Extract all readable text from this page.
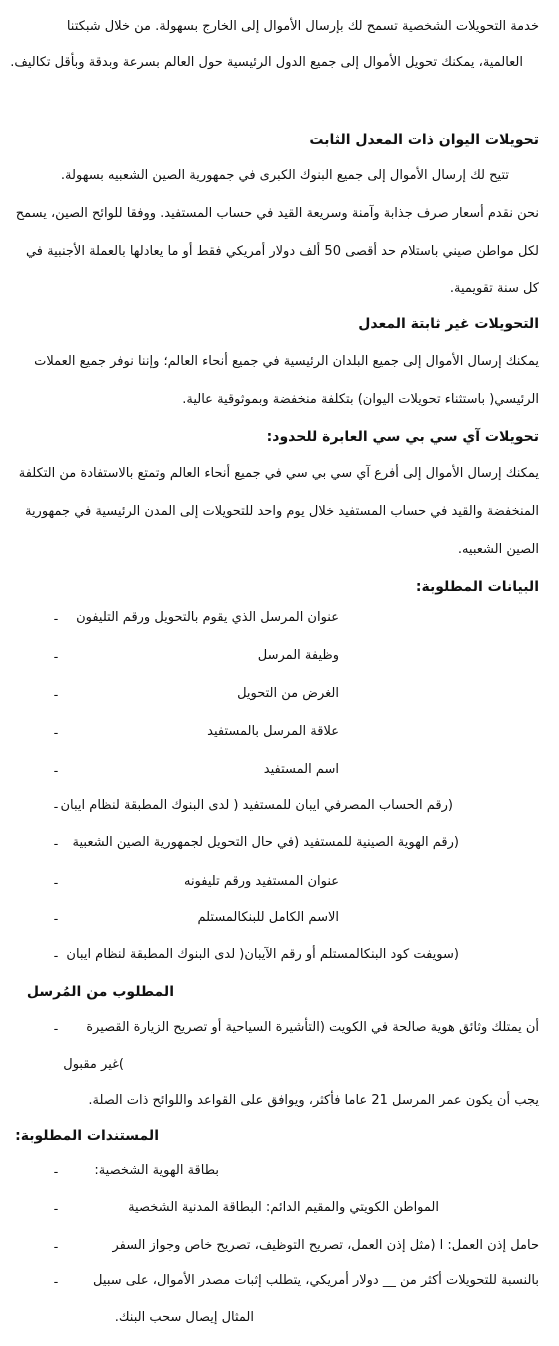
خدمة التحويلات الشخصية تسمح لك بإرسال الأموال إلى الخارج بسهولة. من خلال شبكتنا
العالمية، يمكنك تحويل الأموال إلى جميع الدول الرئيسية حول العالم بسرعة وبدقة وبأقل تكاليف.
تحويلات اليوان ذات المعدل الثابت
تتيح لك إرسال الأموال إلى جميع البنوك الكبرى في جمهورية الصين الشعبيه بسهولة.
نحن نقدم أسعار صرف جذابة وآمنة وسريعة القيد في حساب المستفيد. ووفقا للوائح الصين، يسمح
لكل مواطن صيني باستلام حد أقصى 50 ألف دولار أمريكي فقط أو ما يعادلها بالعملة الأجنبية في
كل سنة تقويمية.
التحويلات غير ثابتة المعدل
يمكنك إرسال الأموال إلى جميع البلدان الرئيسية في جميع أنحاء العالم؛ وإننا نوفر جميع العملات
الرئيسي( باستثناء تحويلات اليوان) بتكلفة منخفضة وبموثوقية عالية.
تحويلات آي سي بي سي العابرة للحدود:
يمكنك إرسال الأموال إلى أفرع آي سي بي سي في جميع أنحاء العالم وتمتع بالاستفادة من التكلفة
المنخفضة والقيد في حساب المستفيد خلال يوم واحد للتحويلات إلى المدن الرئيسية في جمهورية
الصين الشعبيه.
البيانات المطلوبة:
عنوان المرسل الذي يقوم بالتحويل ورقم التليفون
-
وظيفة المرسل
-
الغرض من التحويل
-
علاقة المرسل بالمستفيد
-
اسم المستفيد
-
(رقم الحساب المصرفي ايبان للمستفيد ( لدى البنوك المطبقة لنظام ايبان
-
(رقم الهوية الصينية للمستفيد (في حال التحويل لجمهورية الصين الشعبية
-
عنوان المستفيد ورقم تليفونه
-
الاسم الكامل للبنكالمستلم
-
(سويفت كود البنكالمستلم أو رقم الآيبان( لدى البنوك المطبقة لنظام ايبان
-
المطلوب من المُرسل
أن يمتلك وثائق هوية صالحة في الكويت (التأشيرة السياحية أو تصريح الزيارة القصيرة
-
)غير مقبول
يجب أن يكون عمر المرسل 21 عاما فأكثر، ويوافق على القواعد واللوائح ذات الصلة.
المستندات المطلوبة:
بطاقة الهوية الشخصية:
-
المواطن الكويتي والمقيم الدائم: البطاقة المدنية الشخصية
-
حامل إذن العمل: ا (مثل إذن العمل، تصريح التوظيف، تصريح خاص وجواز السفر
-
بالنسبة للتحويلات أكثر من __ دولار أمريكي، يتطلب إثبات مصدر الأموال، على سبيل
-
المثال إيصال سحب البنك.
